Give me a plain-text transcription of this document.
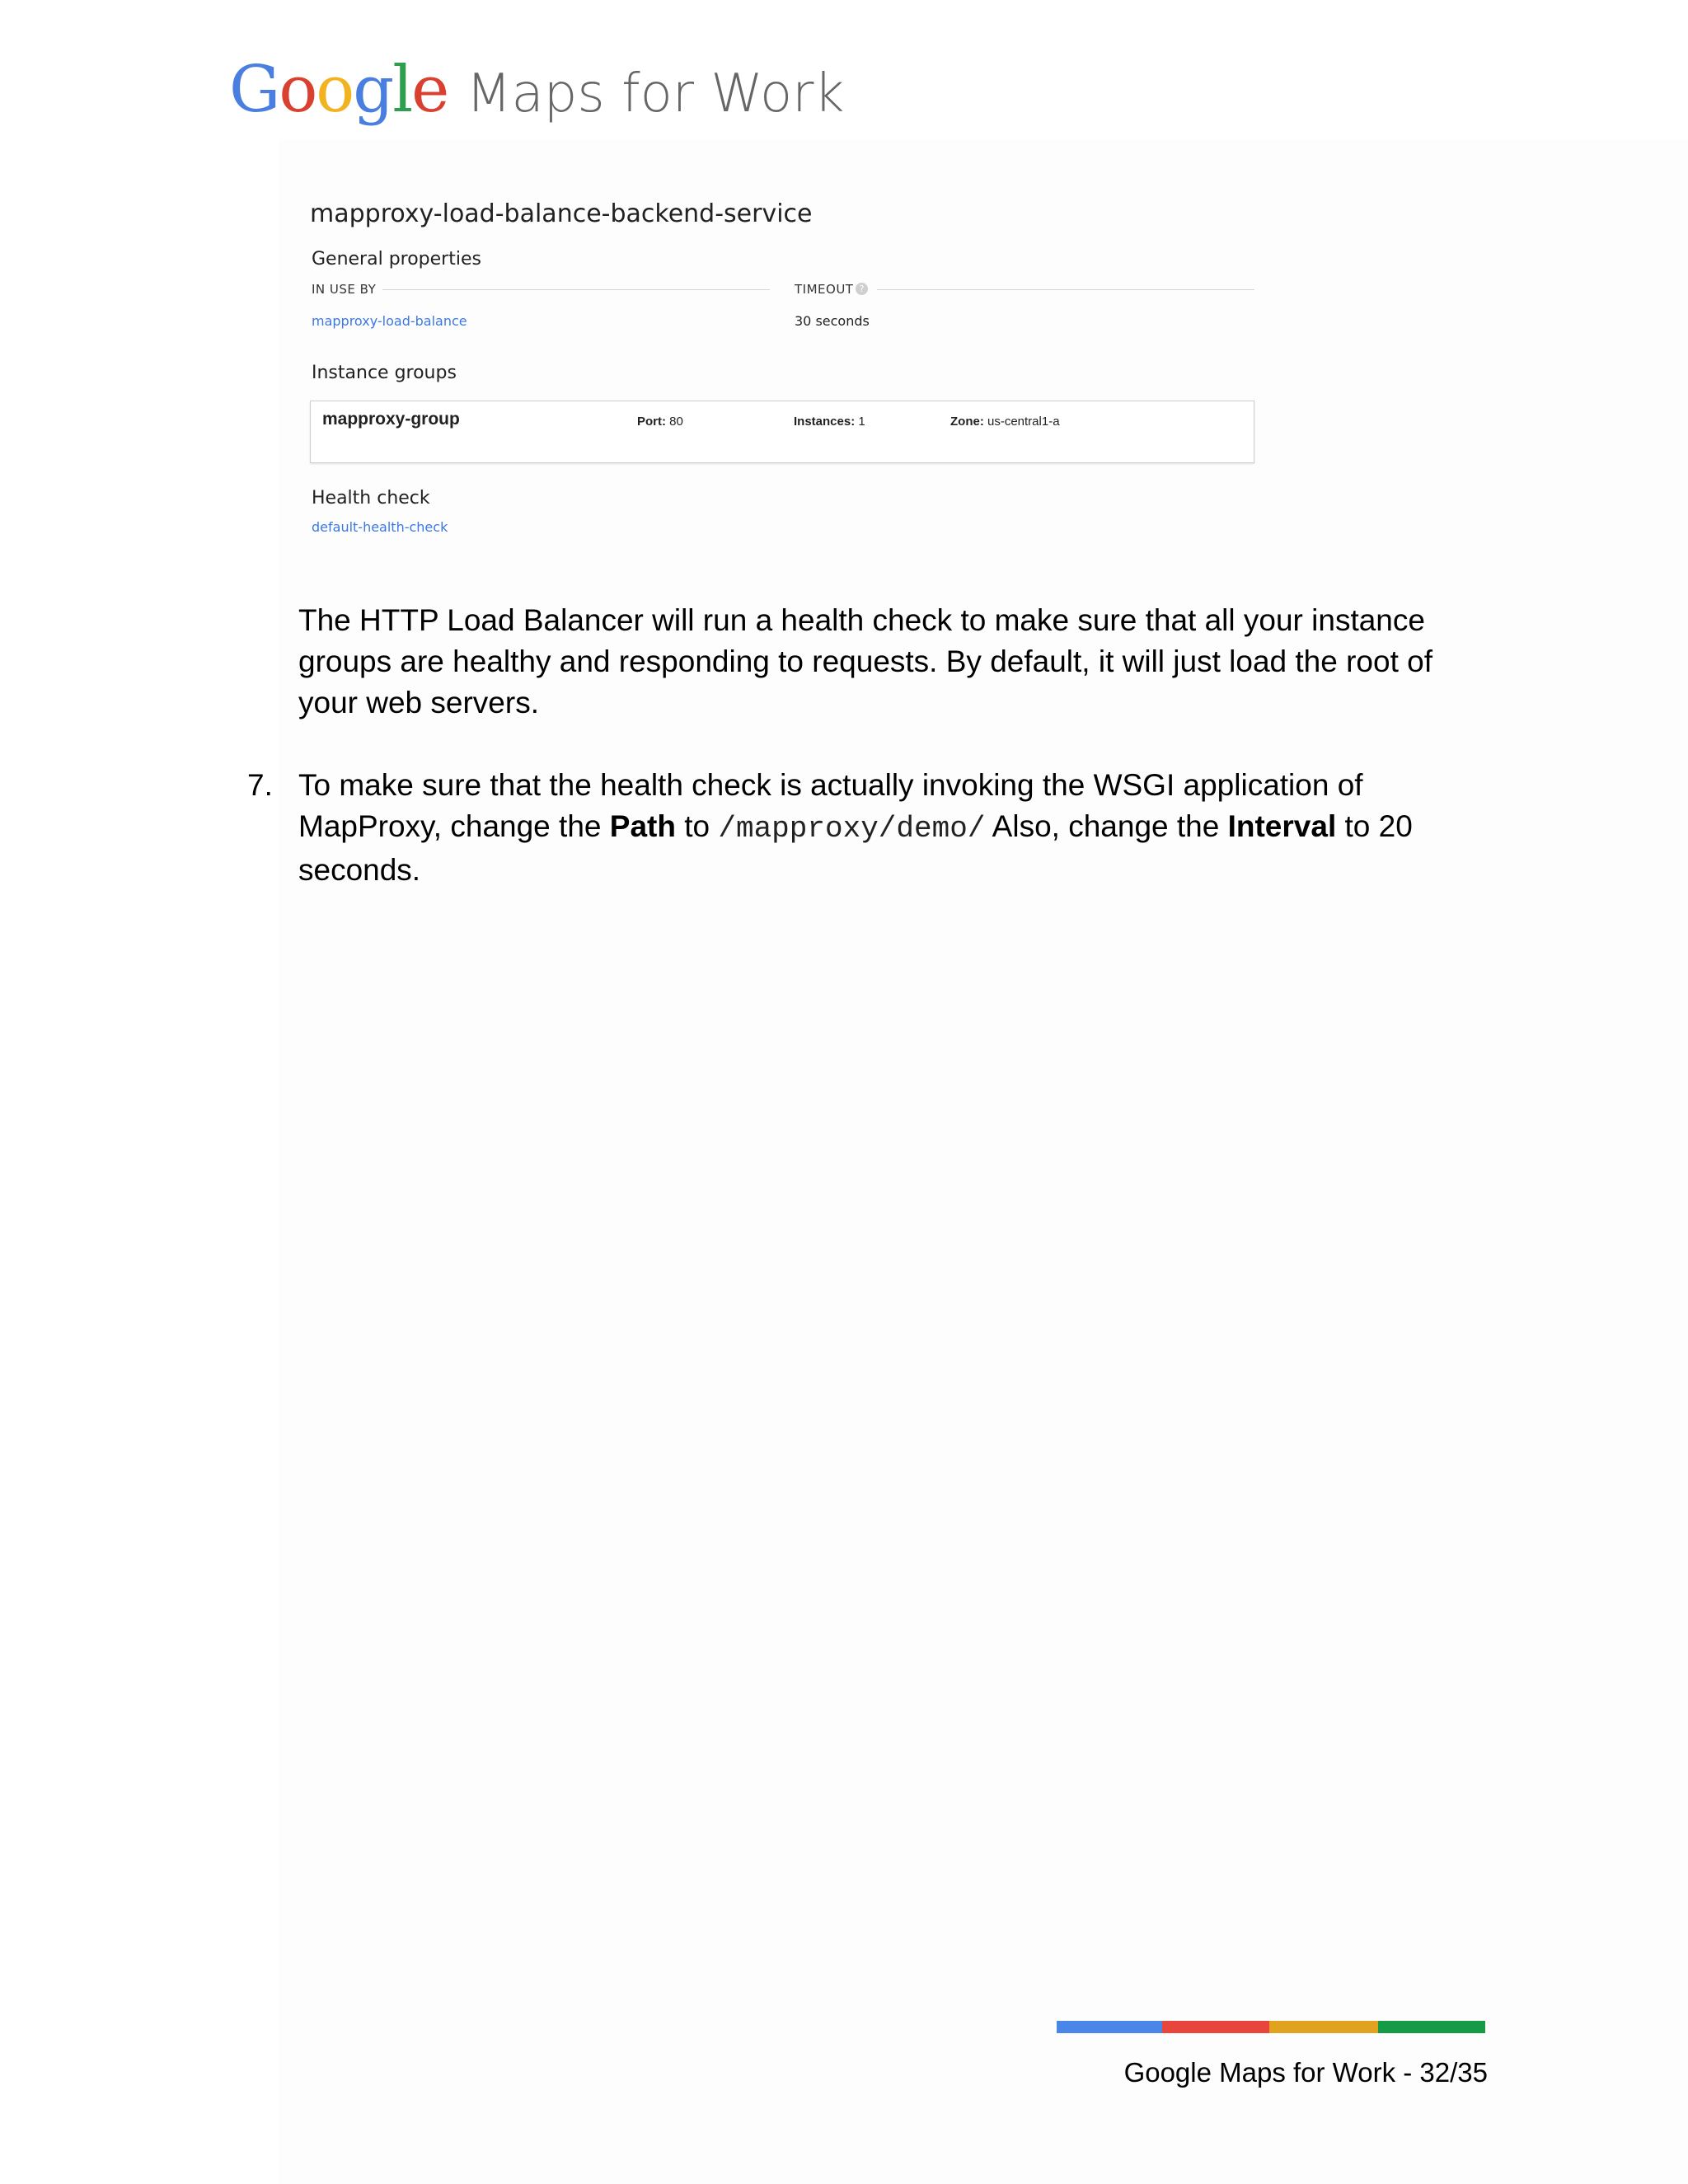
Google Maps for Work
mapproxy-load-balance-backend-service
General properties
IN USE BY	TIMEOUT ?
mapproxy-load-balance	30 seconds
Instance groups
mapproxy-group	Port: 80	Instances: 1	Zone: us-central1-a
Health check
default-health-check
The HTTP Load Balancer will run a health check to make sure that all your instance groups are healthy and responding to requests. By default, it will just load the root of your web servers.
7. To make sure that the health check is actually invoking the WSGI application of MapProxy, change the Path to /mapproxy/demo/ Also, change the Interval to 20 seconds.
Google Maps for Work - 32/35
